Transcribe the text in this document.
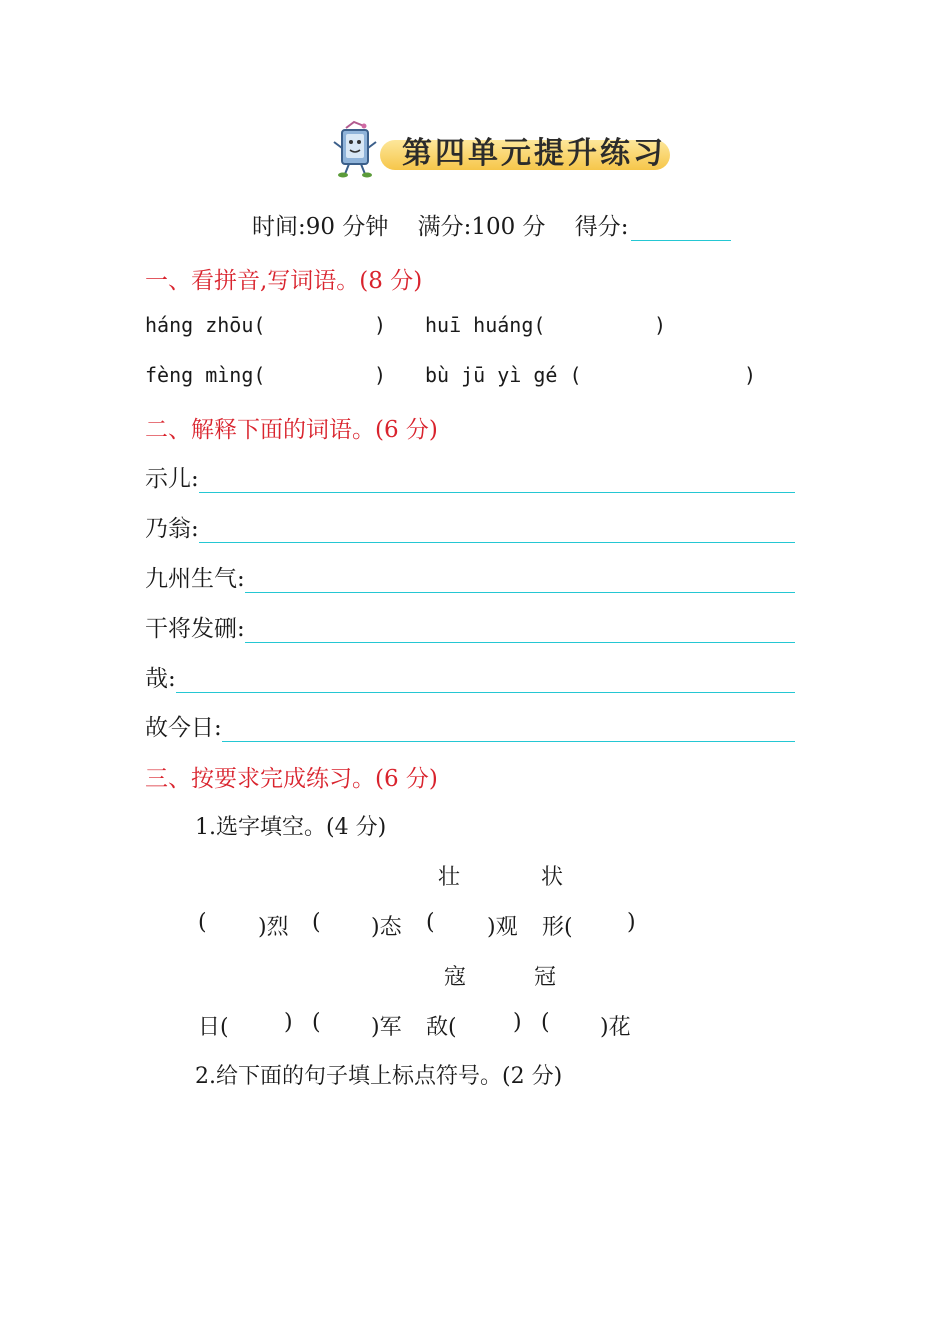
第四单元提升练习
时间:90 分钟 满分:100 分 得分:
一、看拼音,写词语。(8 分)
háng zhōu(	) huī huáng(	)
fèng mìng(	) bù jū yì gé (	)
二、解释下面的词语。(6 分)
示儿:
乃翁:
九州生气:
干将发硎:
哉:
故今日:
三、按要求完成练习。(6 分)
1.选字填空。(4 分)
壮	状
( )烈 ( )态 ( )观 形( )
寇	冠
日(	) ( )军 敌(	) ( )花
2.给下面的句子填上标点符号。(2 分)
